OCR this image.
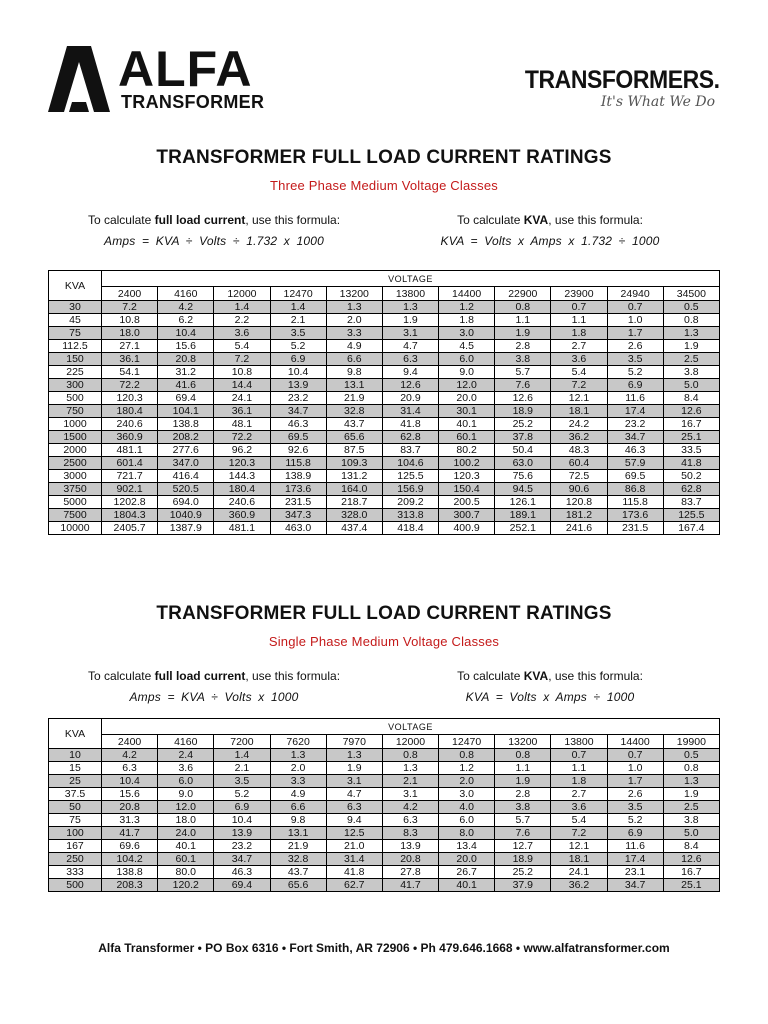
ALFA
TRANSFORMER
TRANSFORMERS.
It's What We Do
TRANSFORMER FULL LOAD CURRENT RATINGS
Three Phase Medium Voltage Classes
To calculate full load current, use this formula:
Amps = KVA ÷ Volts ÷ 1.732 x 1000
To calculate KVA, use this formula:
KVA = Volts x Amps x 1.732 ÷ 1000
KVA	VOLTAGE										
	2400	4160	12000	12470	13200	13800	14400	22900	23900	24940	34500
30	7.2	4.2	1.4	1.4	1.3	1.3	1.2	0.8	0.7	0.7	0.5
45	10.8	6.2	2.2	2.1	2.0	1.9	1.8	1.1	1.1	1.0	0.8
75	18.0	10.4	3.6	3.5	3.3	3.1	3.0	1.9	1.8	1.7	1.3
112.5	27.1	15.6	5.4	5.2	4.9	4.7	4.5	2.8	2.7	2.6	1.9
150	36.1	20.8	7.2	6.9	6.6	6.3	6.0	3.8	3.6	3.5	2.5
225	54.1	31.2	10.8	10.4	9.8	9.4	9.0	5.7	5.4	5.2	3.8
300	72.2	41.6	14.4	13.9	13.1	12.6	12.0	7.6	7.2	6.9	5.0
500	120.3	69.4	24.1	23.2	21.9	20.9	20.0	12.6	12.1	11.6	8.4
750	180.4	104.1	36.1	34.7	32.8	31.4	30.1	18.9	18.1	17.4	12.6
1000	240.6	138.8	48.1	46.3	43.7	41.8	40.1	25.2	24.2	23.2	16.7
1500	360.9	208.2	72.2	69.5	65.6	62.8	60.1	37.8	36.2	34.7	25.1
2000	481.1	277.6	96.2	92.6	87.5	83.7	80.2	50.4	48.3	46.3	33.5
2500	601.4	347.0	120.3	115.8	109.3	104.6	100.2	63.0	60.4	57.9	41.8
3000	721.7	416.4	144.3	138.9	131.2	125.5	120.3	75.6	72.5	69.5	50.2
3750	902.1	520.5	180.4	173.6	164.0	156.9	150.4	94.5	90.6	86.8	62.8
5000	1202.8	694.0	240.6	231.5	218.7	209.2	200.5	126.1	120.8	115.8	83.7
7500	1804.3	1040.9	360.9	347.3	328.0	313.8	300.7	189.1	181.2	173.6	125.5
10000	2405.7	1387.9	481.1	463.0	437.4	418.4	400.9	252.1	241.6	231.5	167.4
TRANSFORMER FULL LOAD CURRENT RATINGS
Single Phase Medium Voltage Classes
To calculate full load current, use this formula:
Amps = KVA ÷ Volts x 1000
To calculate KVA, use this formula:
KVA = Volts x Amps ÷ 1000
KVA	VOLTAGE										
	2400	4160	7200	7620	7970	12000	12470	13200	13800	14400	19900
10	4.2	2.4	1.4	1.3	1.3	0.8	0.8	0.8	0.7	0.7	0.5
15	6.3	3.6	2.1	2.0	1.9	1.3	1.2	1.1	1.1	1.0	0.8
25	10.4	6.0	3.5	3.3	3.1	2.1	2.0	1.9	1.8	1.7	1.3
37.5	15.6	9.0	5.2	4.9	4.7	3.1	3.0	2.8	2.7	2.6	1.9
50	20.8	12.0	6.9	6.6	6.3	4.2	4.0	3.8	3.6	3.5	2.5
75	31.3	18.0	10.4	9.8	9.4	6.3	6.0	5.7	5.4	5.2	3.8
100	41.7	24.0	13.9	13.1	12.5	8.3	8.0	7.6	7.2	6.9	5.0
167	69.6	40.1	23.2	21.9	21.0	13.9	13.4	12.7	12.1	11.6	8.4
250	104.2	60.1	34.7	32.8	31.4	20.8	20.0	18.9	18.1	17.4	12.6
333	138.8	80.0	46.3	43.7	41.8	27.8	26.7	25.2	24.1	23.1	16.7
500	208.3	120.2	69.4	65.6	62.7	41.7	40.1	37.9	36.2	34.7	25.1
Alfa Transformer • PO Box 6316 • Fort Smith, AR 72906 • Ph 479.646.1668 • www.alfatransformer.com
